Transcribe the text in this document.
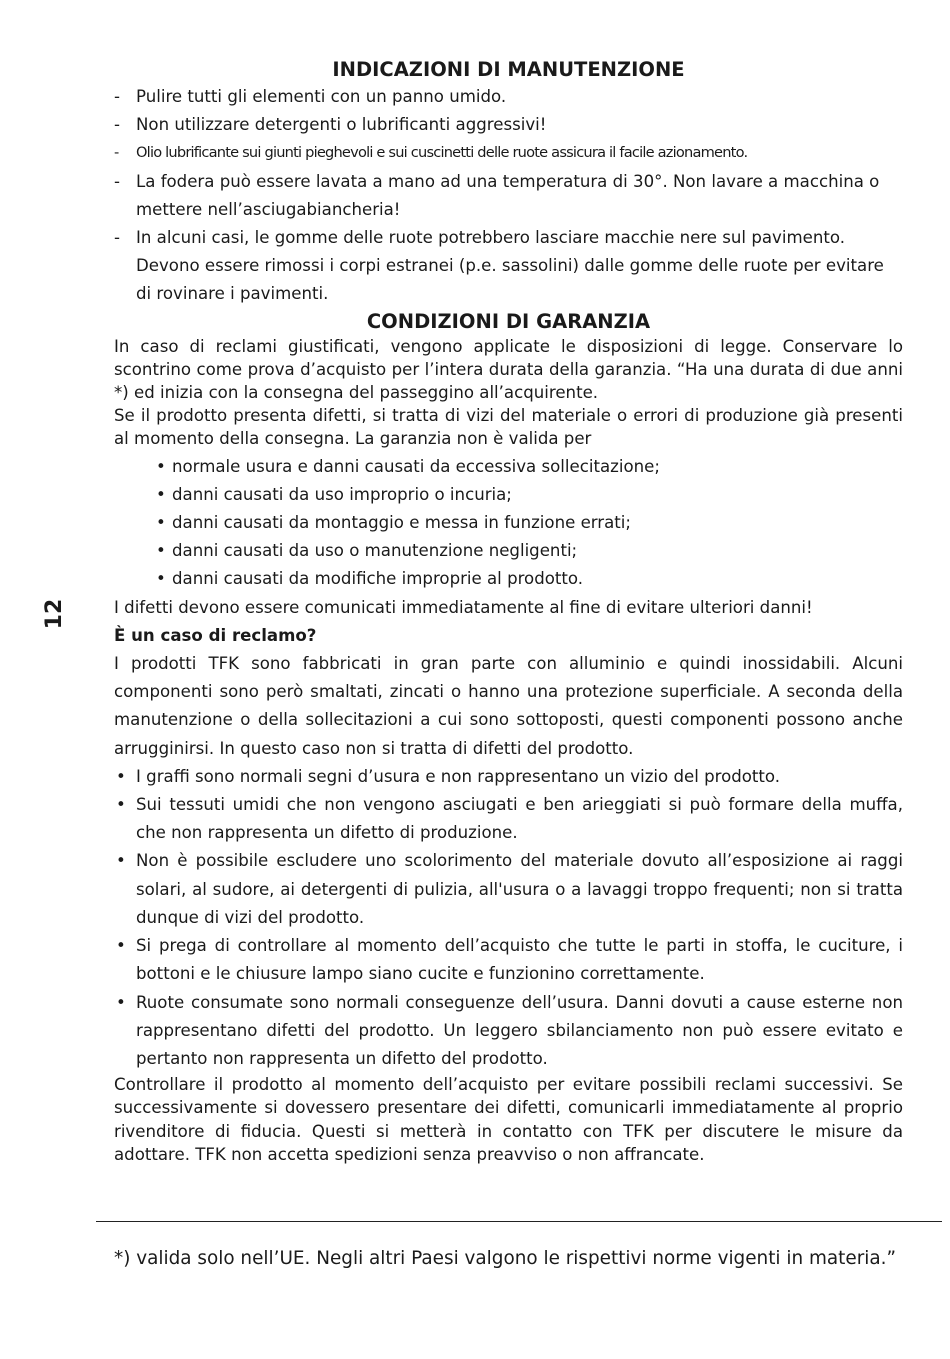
12
INDICAZIONI DI MANUTENZIONE
- Pulire tutti gli elementi con un panno umido.
- Non utilizzare detergenti o lubrificanti aggressivi!
- Olio lubrificante sui giunti pieghevoli e sui cuscinetti delle ruote assicura il facile azionamento.
- La fodera può essere lavata a mano ad una temperatura di 30°. Non lavare a macchina o mettere nell’asciugabiancheria!
- In alcuni casi, le gomme delle ruote potrebbero lasciare macchie nere sul pavimento. Devono essere rimossi i corpi estranei (p.e. sassolini) dalle gomme delle ruote per evitare di rovinare i pavimenti.
CONDIZIONI DI GARANZIA

In caso di reclami giustificati, vengono applicate le disposizioni di legge. Conservare lo scontrino come prova d’acquisto per l’intera durata della garanzia. “Ha una durata di due anni *) ed inizia con la consegna del passeggino all’acquirente.

Se il prodotto presenta difetti, si tratta di vizi del materiale o errori di produzione già presenti al momento della consegna. La garanzia non è valida per

• normale usura e danni causati da eccessiva sollecitazione;
• danni causati da uso improprio o incuria;
• danni causati da montaggio e messa in funzione errati;
• danni causati da uso o manutenzione negligenti;
• danni causati da modifiche improprie al prodotto.

I difetti devono essere comunicati immediatamente al fine di evitare ulteriori danni!

È un caso di reclamo?

I prodotti TFK sono fabbricati in gran parte con alluminio e quindi inossidabili. Alcuni componenti sono però smaltati, zincati o hanno una protezione superficiale. A seconda della manutenzione o della sollecitazioni a cui sono sottoposti, questi componenti possono anche arrugginirsi. In questo caso non si tratta di difetti del prodotto.

• I graffi sono normali segni d’usura e non rappresentano un vizio del prodotto.
• Sui tessuti umidi che non vengono asciugati e ben arieggiati si può formare della muffa, che non rappresenta un difetto di produzione.
• Non è possibile escludere uno scolorimento del materiale dovuto all’esposizione ai raggi solari, al sudore, ai detergenti di pulizia, all'usura o a lavaggi troppo frequenti; non si tratta dunque di vizi del prodotto.
• Si prega di controllare al momento dell’acquisto che tutte le parti in stoffa, le cuciture, i bottoni e le chiusure lampo siano cucite e funzionino correttamente.
• Ruote consumate sono normali conseguenze dell’usura. Danni dovuti a cause esterne non rappresentano difetti del prodotto. Un leggero sbilanciamento non può essere evitato e pertanto non rappresenta un difetto del prodotto.

Controllare il prodotto al momento dell’acquisto per evitare possibili reclami successivi. Se successivamente si dovessero presentare dei difetti, comunicarli immediatamente al proprio rivenditore di fiducia. Questi si metterà in contatto con TFK per discutere le misure da adottare. TFK non accetta spedizioni senza preavviso o non affrancate.

*) valida solo nell’UE. Negli altri Paesi valgono le rispettivi norme vigenti in materia.”
